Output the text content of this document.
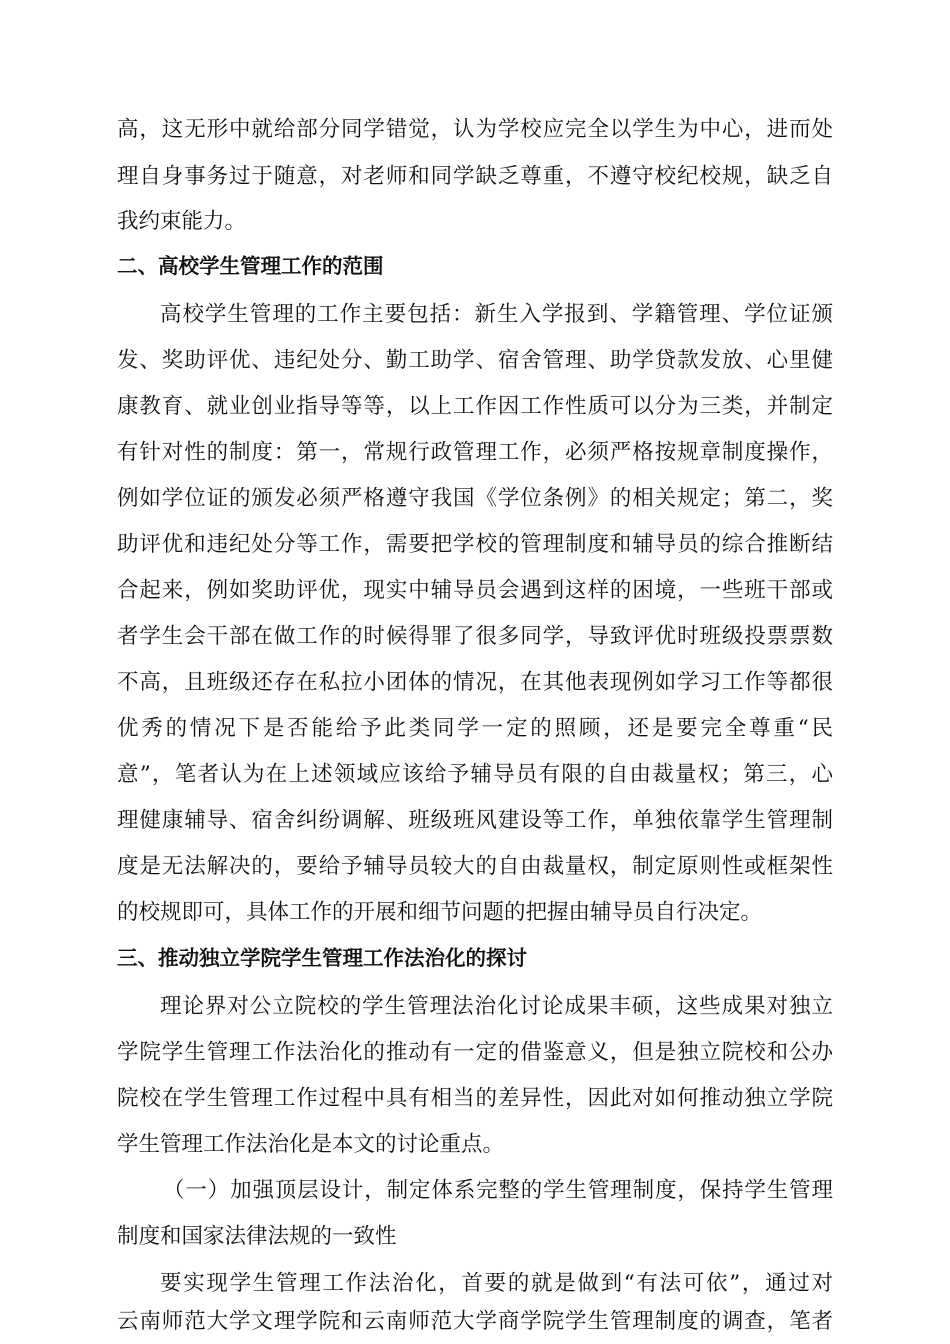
高，这无形中就给部分同学错觉，认为学校应完全以学生为中心，进而处
理自身事务过于随意，对老师和同学缺乏尊重，不遵守校纪校规，缺乏自
我约束能力。
二、高校学生管理工作的范围
高校学生管理的工作主要包括：新生入学报到、学籍管理、学位证颁
发、奖助评优、违纪处分、勤工助学、宿舍管理、助学贷款发放、心里健
康教育、就业创业指导等等，以上工作因工作性质可以分为三类，并制定
有针对性的制度：第一，常规行政管理工作，必须严格按规章制度操作，
例如学位证的颁发必须严格遵守我国《学位条例》的相关规定；第二，奖
助评优和违纪处分等工作，需要把学校的管理制度和辅导员的综合推断结
合起来，例如奖助评优，现实中辅导员会遇到这样的困境，一些班干部或
者学生会干部在做工作的时候得罪了很多同学，导致评优时班级投票票数
不高，且班级还存在私拉小团体的情况，在其他表现例如学习工作等都很
优秀的情况下是否能给予此类同学一定的照顾，还是要完全尊重“民
意”，笔者认为在上述领域应该给予辅导员有限的自由裁量权；第三，心
理健康辅导、宿舍纠纷调解、班级班风建设等工作，单独依靠学生管理制
度是无法解决的，要给予辅导员较大的自由裁量权，制定原则性或框架性
的校规即可，具体工作的开展和细节问题的把握由辅导员自行决定。
三、推动独立学院学生管理工作法治化的探讨
理论界对公立院校的学生管理法治化讨论成果丰硕，这些成果对独立
学院学生管理工作法治化的推动有一定的借鉴意义，但是独立院校和公办
院校在学生管理工作过程中具有相当的差异性，因此对如何推动独立学院
学生管理工作法治化是本文的讨论重点。
（一）加强顶层设计，制定体系完整的学生管理制度，保持学生管理
制度和国家法律法规的一致性
要实现学生管理工作法治化，首要的就是做到“有法可依”，通过对
云南师范大学文理学院和云南师范大学商学院学生管理制度的调查，笔者
